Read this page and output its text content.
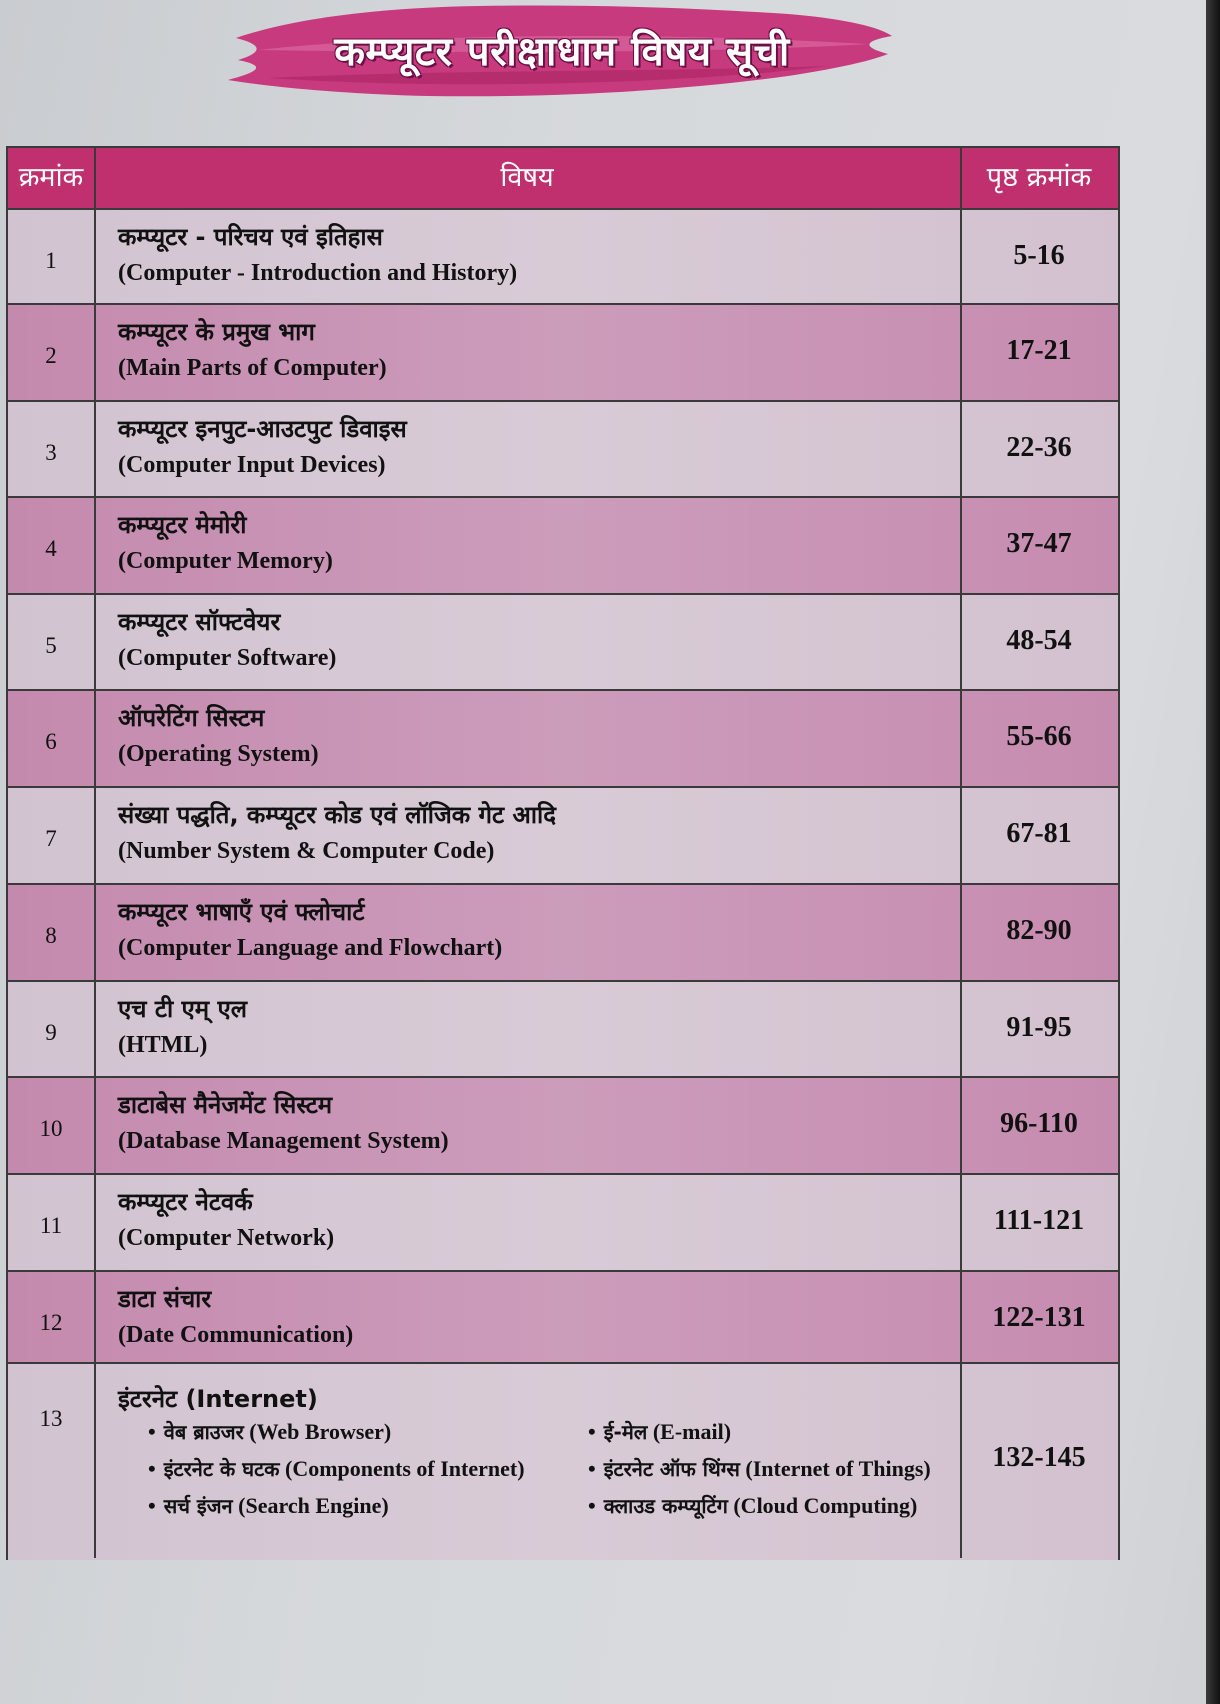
कम्प्यूटर परीक्षाधाम विषय सूची
क्रमांक	विषय	पृष्ठ क्रमांक
1
कम्प्यूटर - परिचय एवं इतिहास
(Computer - Introduction and History)
5-16
2
कम्प्यूटर के प्रमुख भाग
(Main Parts of Computer)
17-21
3
कम्प्यूटर इनपुट-आउटपुट डिवाइस
(Computer Input Devices)
22-36
4
कम्प्यूटर मेमोरी
(Computer Memory)
37-47
5
कम्प्यूटर सॉफ्टवेयर
(Computer Software)
48-54
6
ऑपरेटिंग सिस्टम
(Operating System)
55-66
7
संख्या पद्धति, कम्प्यूटर कोड एवं लॉजिक गेट आदि
(Number System & Computer Code)
67-81
8
कम्प्यूटर भाषाएँ एवं फ्लोचार्ट
(Computer Language and Flowchart)
82-90
9
एच टी एम् एल
(HTML)
91-95
10
डाटाबेस मैनेजमेंट सिस्टम
(Database Management System)
96-110
11
कम्प्यूटर नेटवर्क
(Computer Network)
111-121
12
डाटा संचार
(Date Communication)
122-131
13
इंटरनेट (Internet)
• वेब ब्राउजर (Web Browser)
• इंटरनेट के घटक (Components of Internet)
• सर्च इंजन (Search Engine)
• ई-मेल (E-mail)
• इंटरनेट ऑफ थिंग्स (Internet of Things)
• क्लाउड कम्प्यूटिंग (Cloud Computing)
132-145
